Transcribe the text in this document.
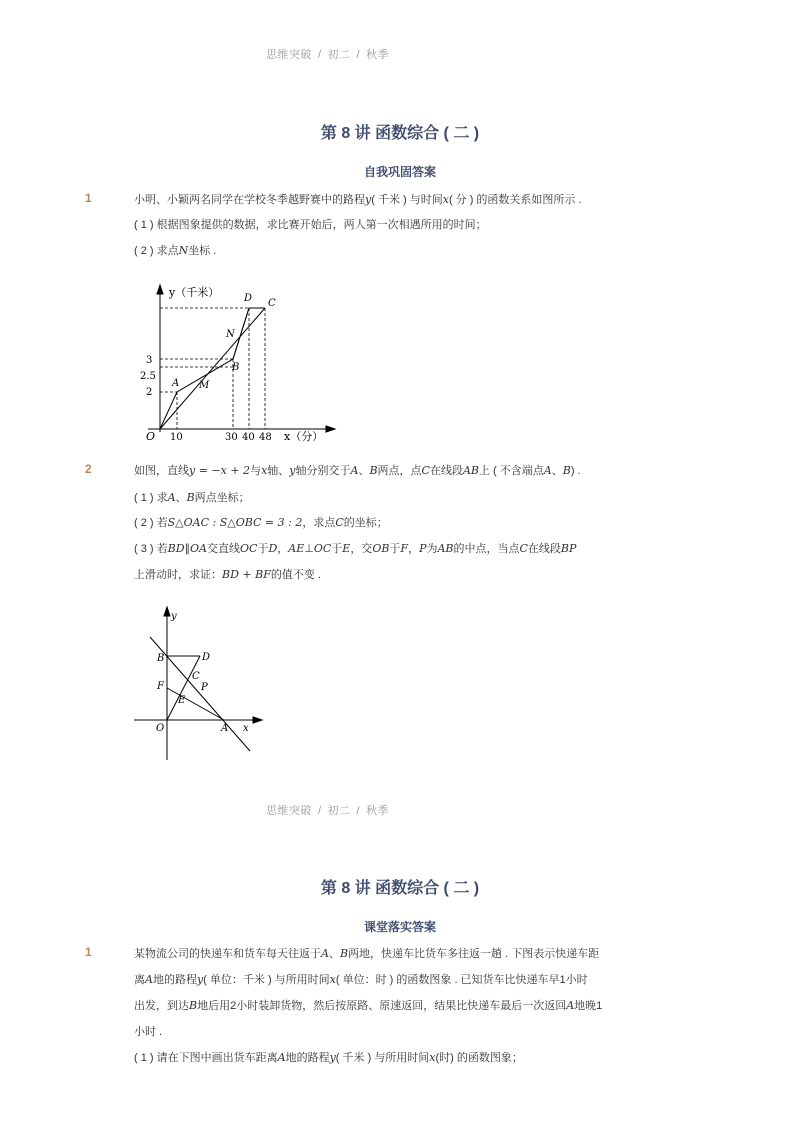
思维突破 / 初二 / 秋季
第 8 讲 函数综合 ( 二 )
自我巩固答案
1	小明、小颖两名同学在学校冬季越野赛中的路程y( 千米 ) 与时间x( 分 ) 的函数关系如图所示 .
( 1 ) 根据图象提供的数据，求比赛开始后，两人第一次相遇所用的时间；
( 2 ) 求点N坐标 .
y（千米）
x（分）
O
3
2.5
2
10	30 40 48
A
B
C
D
M
N
2	如图，直线y = −x + 2与x轴、y轴分别交于A、B两点，点C在线段AB上 ( 不含端点A、B) .
( 1 ) 求A、B两点坐标；
( 2 ) 若S△OAC : S△OBC = 3 : 2，求点C的坐标；
( 3 ) 若BD∥OA交直线OC于D，AE⊥OC于E，交OB于F，P为AB的中点，当点C在线段BP
上滑动时，求证：BD + BF的值不变 .
y
x
O	A
B
C
D
E
F	P
思维突破 / 初二 / 秋季
第 8 讲 函数综合 ( 二 )
课堂落实答案
1	某物流公司的快递车和货车每天往返于A、B两地，快递车比货车多往返一趟 . 下图表示快递车距
离A地的路程y( 单位：千米 ) 与所用时间x( 单位：时 ) 的函数图象 . 已知货车比快递车早1小时
出发，到达B地后用2小时装卸货物，然后按原路、原速返回，结果比快递车最后一次返回A地晚1
小时 .
( 1 ) 请在下图中画出货车距离A地的路程y( 千米 ) 与所用时间x(时) 的函数图象；
